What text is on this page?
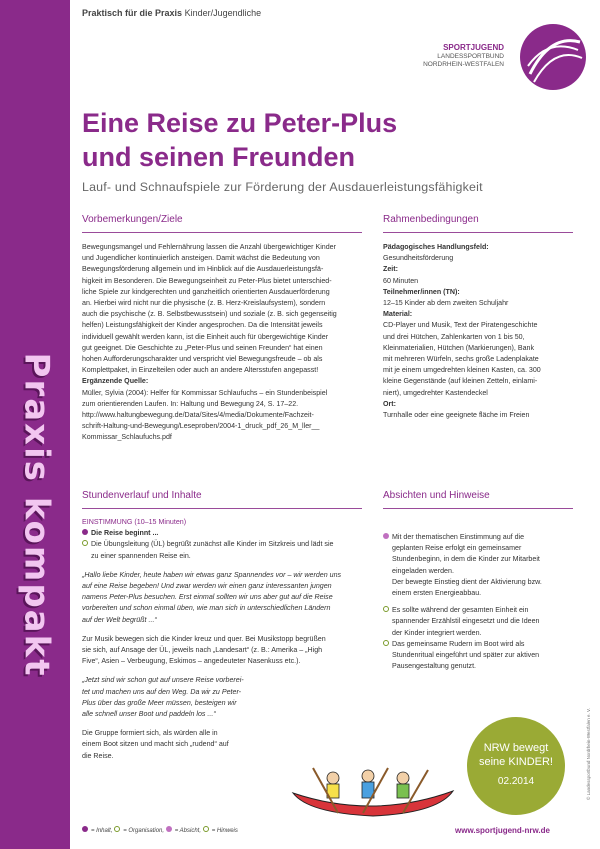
Praxis kompakt
Praktisch für die Praxis Kinder/Jugendliche
SPORTJUGEND
LANDESSPORTBUND
NORDRHEIN-WESTFALEN
Eine Reise zu Peter-Plus
und seinen Freunden
Lauf- und Schnaufspiele zur Förderung der Ausdauerleistungsfähigkeit
Vorbemerkungen/Ziele	Rahmenbedingungen
Bewegungsmangel und Fehlernährung lassen die Anzahl übergewichtiger Kinder
und Jugendlicher kontinuierlich ansteigen. Damit wächst die Bedeutung von
Bewegungsförderung allgemein und im Hinblick auf die Ausdauerleistungsfä-
higkeit im Besonderen. Die Bewegungseinheit zu Peter-Plus bietet unterschied-
liche Spiele zur kindgerechten und ganzheitlich orientierten Ausdauerförderung
an. Hierbei wird nicht nur die physische (z. B. Herz-Kreislaufsystem), sondern
auch die psychische (z. B. Selbstbewusstsein) und soziale (z. B. sich gegenseitig
helfen) Leistungsfähigkeit der Kinder angesprochen. Da die Intensität jeweils
individuell gewählt werden kann, ist die Einheit auch für übergewichtige Kinder
gut geeignet. Die Geschichte zu „Peter-Plus und seinen Freunden“ hat einen
hohen Aufforderungscharakter und verspricht viel Bewegungsfreude – ob als
Komplettpaket, in Einzelteilen oder auch an andere Altersstufen angepasst!
Ergänzende Quelle:
Müller, Sylvia (2004): Helfer für Kommissar Schlaufuchs – ein Stundenbeispiel
zum orientierenden Laufen. In: Haltung und Bewegung 24, S. 17–22.
http://www.haltungbewegung.de/Data/Sites/4/media/Dokumente/Fachzeit-
schrift-Haltung-und-Bewegung/Leseproben/2004-1_druck_pdf_26_M_ller__
Kommissar_Schlaufuchs.pdf
Pädagogisches Handlungsfeld:
Gesundheitsförderung
Zeit:
60 Minuten
Teilnehmer/innen (TN):
12–15 Kinder ab dem zweiten Schuljahr
Material:
CD-Player und Musik, Text der Piratengeschichte
und drei Hütchen, Zahlenkarten von 1 bis 50,
Kleinmaterialien, Hütchen (Markierungen), Bank
mit mehreren Würfeln, sechs große Ladenplakate
mit je einem umgedrehten kleinen Kasten, ca. 300
kleine Gegenstände (auf kleinen Zetteln, einlami-
niert), umgedrehter Kastendeckel
Ort:
Turnhalle oder eine geeignete fläche im Freien
Stundenverlauf und Inhalte	Absichten und Hinweise
EINSTIMMUNG (10–15 Minuten)
Die Reise beginnt ...
Die Übungsleitung (ÜL) begrüßt zunächst alle Kinder im Sitzkreis und lädt sie
zu einer spannenden Reise ein.
„Hallo liebe Kinder, heute haben wir etwas ganz Spannendes vor – wir werden uns
auf eine Reise begeben! Und zwar werden wir einen ganz interessanten jungen
namens Peter-Plus besuchen. Erst einmal sollten wir uns aber gut auf die Reise
vorbereiten und schon einmal üben, wie man sich in unterschiedlichen Ländern
auf der Welt begrüßt ...“
Zur Musik bewegen sich die Kinder kreuz und quer. Bei Musikstopp begrüßen
sie sich, auf Ansage der ÜL, jeweils nach „Landesart“ (z. B.: Amerika – „High
Five“, Asien – Verbeugung, Eskimos – angedeuteter Nasenkuss etc.).
„Jetzt sind wir schon gut auf unsere Reise vorberei-
tet und machen uns auf den Weg. Da wir zu Peter-
Plus über das große Meer müssen, besteigen wir
alle schnell unser Boot und paddeln los ...“
Die Gruppe formiert sich, als würden alle in
einem Boot sitzen und macht sich „rudend“ auf
die Reise.
Mit der thematischen Einstimmung auf die
geplanten Reise erfolgt ein gemeinsamer
Stundenbeginn, in dem die Kinder zur Mitarbeit
eingeladen werden.
Der bewegte Einstieg dient der Aktivierung bzw.
einem ersten Energieabbau.
Es sollte während der gesamten Einheit ein
spannender Erzählstil eingesetzt und die Ideen
der Kinder integriert werden.
Das gemeinsame Rudern im Boot wird als
Stundenritual eingeführt und später zur aktiven
Pausengestaltung genutzt.
NRW bewegt
seine KINDER!
02.2014
= Inhalt, = Organisation, = Absicht, = Hinweis	www.sportjugend-nrw.de
© Landessportbund Nordrhein-Westfalen e. V.
